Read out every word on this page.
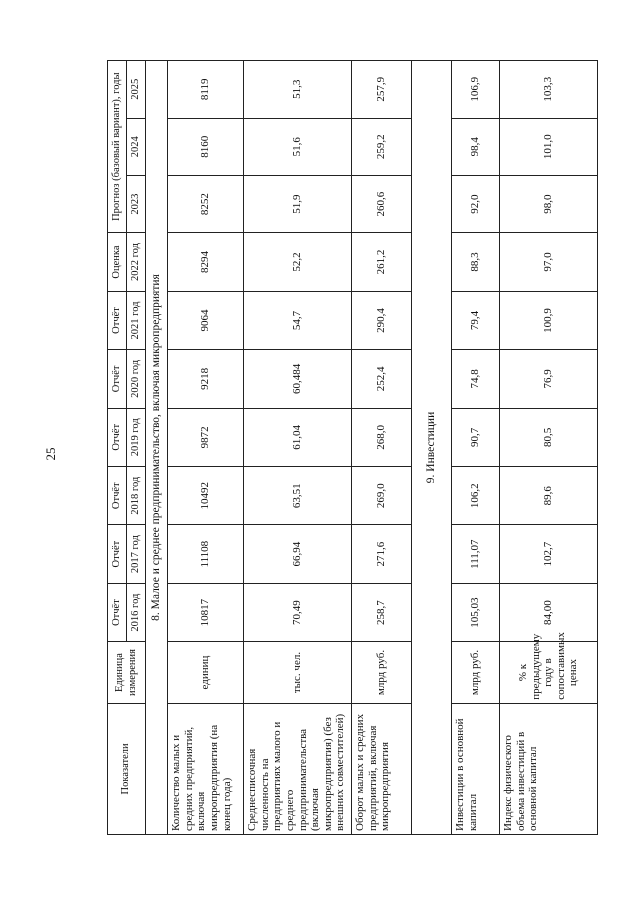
25
Показатели	Единица измерения	Отчёт	Отчёт	Отчёт	Отчёт	Отчёт	Отчёт	Оценка	Прогноз (базовый вариант), годы		
		2016 год	2017 год	2018 год	2019 год	2020 год	2021 год	2022 год	2023	2024	2025
8. Малое и среднее предпринимательство, включая микропредприятия											
Количество малых и средних предприятий, включая микропредприятия (на конец года)	единиц	10817	11108	10492	9872	9218	9064	8294	8252	8160	8119
Среднесписочная численность на предприятиях малого и среднего предпринимательства (включая микропредприятия) (без внешних совместителей)	тыс. чел.	70,49	66,94	63,51	61,04	60,484	54,7	52,2	51,9	51,6	51,3
Оборот малых и средних предприятий, включая микропредприятия	млрд руб.	258,7	271,6	269,0	268,0	252,4	290,4	261,2	260,6	259,2	257,9
9. Инвестиции											
Инвестиции в основной капитал	млрд руб.	105,03	111,07	106,2	90,7	74,8	79,4	88,3	92,0	98,4	106,9
Индекс физического объема инвестиций в основной капитал	% к предыдущему году в сопоставимых ценах	84,00	102,7	89,6	80,5	76,9	100,9	97,0	98,0	101,0	103,3
